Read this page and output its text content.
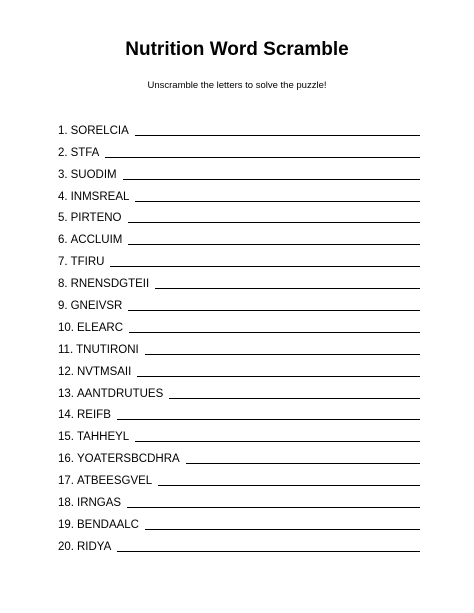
Nutrition Word Scramble
Unscramble the letters to solve the puzzle!
1. SORELCIA
2. STFA
3. SUODIM
4. INMSREAL
5. PIRTENO
6. ACCLUIM
7. TFIRU
8. RNENSDGTEII
9. GNEIVSR
10. ELEARC
11. TNUTIRONI
12. NVTMSAII
13. AANTDRUTUES
14. REIFB
15. TAHHEYL
16. YOATERSBCDHRA
17. ATBEESGVEL
18. IRNGAS
19. BENDAALC
20. RIDYA
